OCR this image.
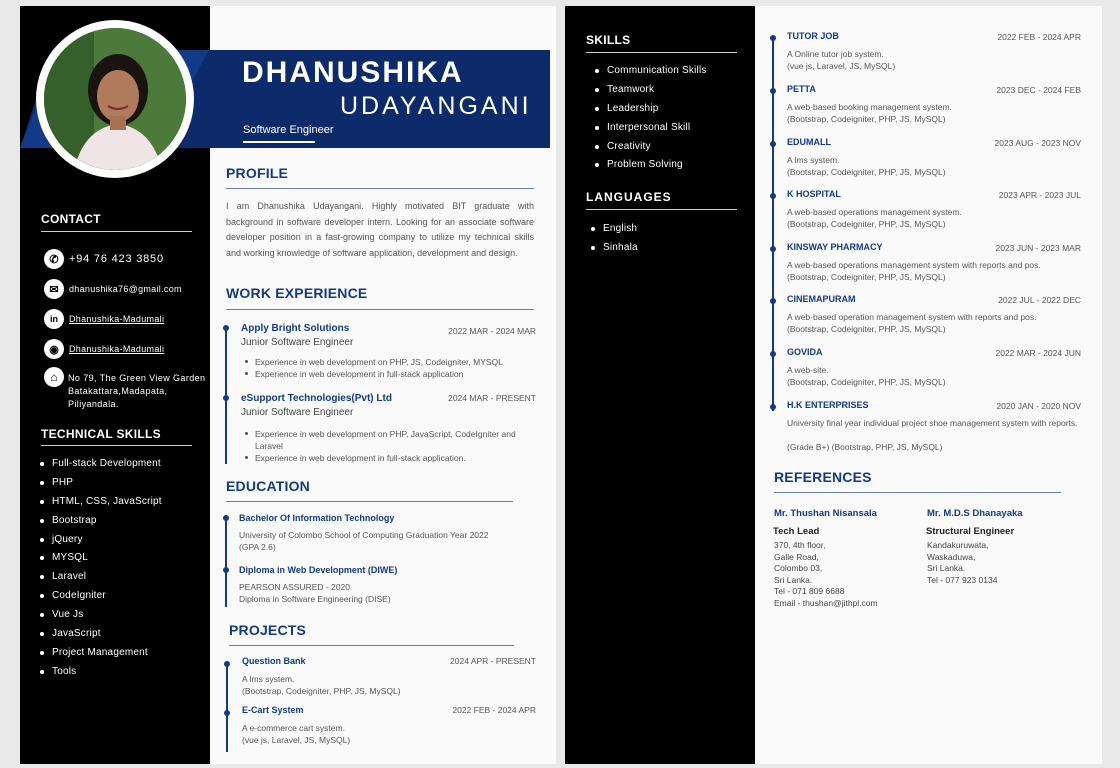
DHANUSHIKA
UDAYANGANI
Software Engineer
CONTACT
✆ +94 76 423 3850
✉	dhanushika76@gmail.com
in	Dhanushika-Madumali
◉	Dhanushika-Madumali
⌂	No 79, The Green View Garden Batakattara,Madapata, Piliyandala.
TECHNICAL SKILLS
Full-stack Development
PHP
HTML, CSS, JavaScript
Bootstrap
jQuery
MYSQL
Laravel
CodeIgniter
Vue Js
JavaScript
Project Management
Tools
PROFILE
I am Dhanushika Udayangani. Highly motivated BIT graduate with background in software developer intern. Looking for an associate software developer position in a fast-growing company to utilize my technical skills and working knowledge of software application, development and design.
WORK EXPERIENCE
Apply Bright Solutions	2022 MAR - 2024 MAR
Junior Software Engineer
Experience in web development on PHP, JS, Codeigniter, MYSQL
Experience in web development in full-stack application
eSupport Technologies(Pvt) Ltd	2024 MAR - PRESENT
Junior Software Engineer
Experience in web development on PHP, JavaScript, CodeIgniter and Laravel
Experience in web development in full-stack application.
EDUCATION
Bachelor Of Information Technology
University of Colombo School of Computing Graduation Year 2022
(GPA 2.6)
Diploma in Web Development (DIWE)
PEARSON ASSURED - 2020
Diploma in Software Engineering (DISE)
PROJECTS
Question Bank	2024 APR - PRESENT
A lms system.
(Bootstrap, Codeigniter, PHP, JS, MySQL)
E-Cart System	2022 FEB - 2024 APR
A e-commerce cart system.
(vue js, Laravel, JS, MySQL)
SKILLS
Communication Skills
Teamwork
Leadership
Interpersonal Skill
Creativity
Problem Solving
LANGUAGES
English
Sinhala
TUTOR JOB	2022 FEB - 2024 APR
A Online tutor job system.
(vue js, Laravel, JS, MySQL)
PETTA	2023 DEC - 2024 FEB
A web-based booking management system.
(Bootstrap, Codeigniter, PHP, JS, MySQL)
EDUMALL	2023 AUG - 2023 NOV
A lms system.
(Bootstrap, Codeigniter, PHP, JS, MySQL)
K HOSPITAL	2023 APR - 2023 JUL
A web-based operations management system.
(Bootstrap, Codeigniter, PHP, JS, MySQL)
KINSWAY PHARMACY	2023 JUN - 2023 MAR
A web-based operations management system with reports and pos.
(Bootstrap, Codeigniter, PHP, JS, MySQL)
CINEMAPURAM	2022 JUL - 2022 DEC
A web-based operation management system with reports and pos.
(Bootstrap, Codeigniter, PHP, JS, MySQL)
GOVIDA	2022 MAR - 2024 JUN
A web-site.
(Bootstrap, Codeigniter, PHP, JS, MySQL)
H.K ENTERPRISES	2020 JAN - 2020 NOV
University final year individual project shoe management system with reports.
(Grade B+) (Bootstrap, PHP, JS, MySQL)
REFERENCES
Mr. Thushan Nisansala
Tech Lead
370, 4th floor,
Galle Road,
Colombo 03,
Sri Lanka.
Tel - 071 809 6688
Email - thushan@jithpl.com
Mr. M.D.S Dhanayaka
Structural Engineer
Kandakuruwata,
Waskaduwa,
Sri Lanka.
Tel - 077 923 0134
